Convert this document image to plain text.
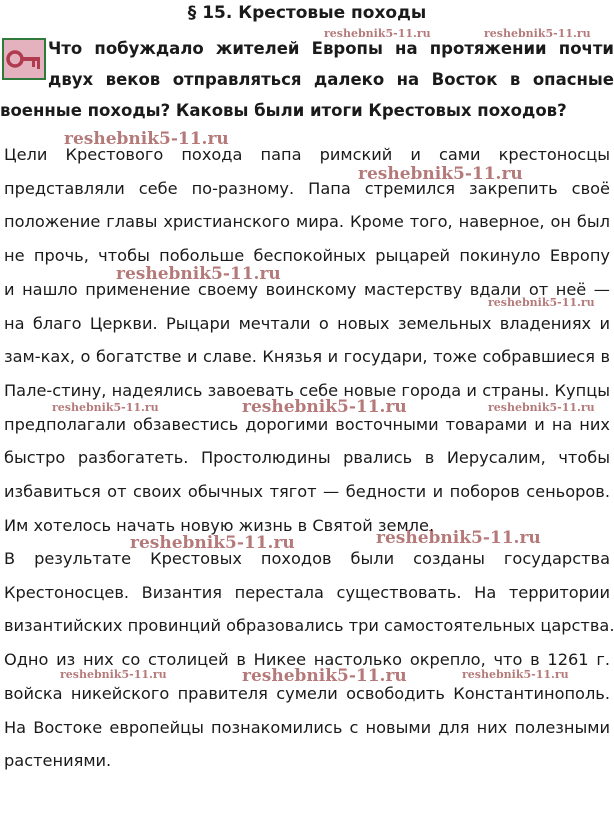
§ 15. Крестовые походы
Что побуждало жителей Европы на протяжении почти
двух веков отправляться далеко на Восток в опасные
военные походы? Каковы были итоги Крестовых походов?
Цели Крестового похода папа римский и сами крестоносцы
представляли себе по-разному. Папа стремился закрепить своё
положение главы христианского мира. Кроме того, наверное, он был
не прочь, чтобы побольше беспокойных рыцарей покинуло Европу
и нашло применение своему воинскому мастерству вдали от неё —
на благо Церкви. Рыцари мечтали о новых земельных владениях и
зам-ках, о богатстве и славе. Князья и государи, тоже собравшиеся в
Пале-стину, надеялись завоевать себе новые города и страны. Купцы
предполагали обзавестись дорогими восточными товарами и на них
быстро разбогатеть. Простолюдины рвались в Иерусалим, чтобы
избавиться от своих обычных тягот — бедности и поборов сеньоров.
Им хотелось начать новую жизнь в Святой земле.
В результате Крестовых походов были созданы государства
Крестоносцев. Византия перестала существовать. На территории
византийских провинций образовались три самостоятельных царства.
Одно из них со столицей в Никее настолько окрепло, что в 1261 г.
войска никейского правителя сумели освободить Константинополь.
На Востоке европейцы познакомились с новыми для них полезными
растениями.
reshebnik5-11.ru	reshebnik5-11.ru
reshebnik5-11.ru
reshebnik5-11.ru
reshebnik5-11.ru
reshebnik5-11.ru
reshebnik5-11.ru	reshebnik5-11.ru	reshebnik5-11.ru
reshebnik5-11.ru	reshebnik5-11.ru
reshebnik5-11.ru	reshebnik5-11.ru	reshebnik5-11.ru
